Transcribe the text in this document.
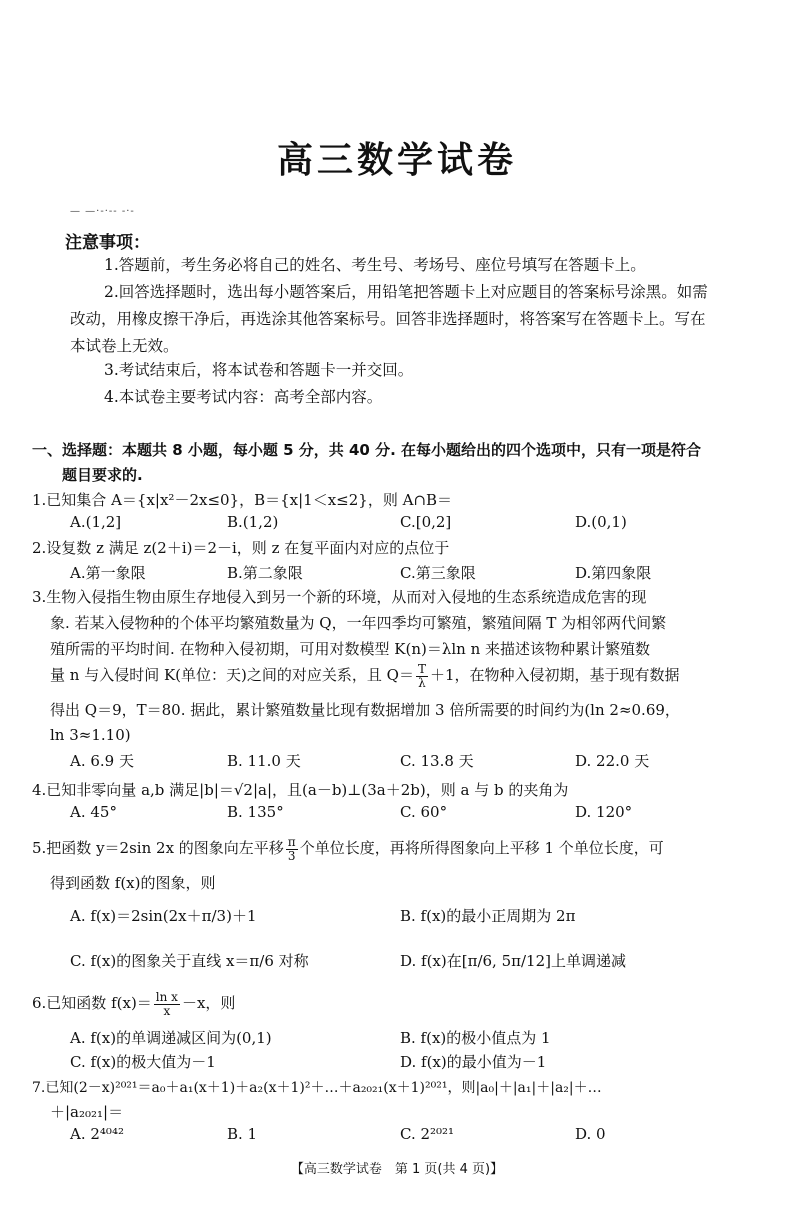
高三数学试卷
— —·-·-- -·-
注意事项：
1.答题前，考生务必将自己的姓名、考生号、考场号、座位号填写在答题卡上。
2.回答选择题时，选出每小题答案后，用铅笔把答题卡上对应题目的答案标号涂黑。如需改动，用橡皮擦干净后，再选涂其他答案标号。回答非选择题时，将答案写在答题卡上。写在本试卷上无效。
3.考试结束后，将本试卷和答题卡一并交回。
4.本试卷主要考试内容：高考全部内容。
一、选择题：本题共 8 小题，每小题 5 分，共 40 分. 在每小题给出的四个选项中，只有一项是符合
题目要求的.
1.已知集合 A＝{x|x²－2x≤0}，B＝{x|1＜x≤2}，则 A∩B＝
A.(1,2]	B.(1,2)	C.[0,2]	D.(0,1)
2.设复数 z 满足 z(2＋i)＝2－i，则 z 在复平面内对应的点位于
A.第一象限	B.第二象限	C.第三象限	D.第四象限
3.生物入侵指生物由原生存地侵入到另一个新的环境，从而对入侵地的生态系统造成危害的现
象. 若某入侵物种的个体平均繁殖数量为 Q，一年四季均可繁殖，繁殖间隔 T 为相邻两代间繁
殖所需的平均时间. 在物种入侵初期，可用对数模型 K(n)＝λln n 来描述该物种累计繁殖数
量 n 与入侵时间 K(单位：天)之间的对应关系，且 $Q= \frac{T}{\lambda} +1$，在物种入侵初期，基于现有数据
得出 Q＝9，T＝80. 据此，累计繁殖数量比现有数据增加 3 倍所需要的时间约为(ln 2≈0.69，
ln 3≈1.10)
A. 6.9 天	B. 11.0 天	C. 13.8 天	D. 22.0 天
4.已知非零向量 a,b 满足|b|＝√2|a|，且(a－b)⊥(3a＋2b)，则 a 与 b 的夹角为
A. 45°	B. 135°	C. 60°	D. 120°
5.把函数 y＝2sin 2x 的图象向左平移 $\frac{\pi}{3}$ 个单位长度，再将所得图象向上平移 1 个单位长度，可
得到函数 f(x)的图象，则
A. f(x)＝2sin(2x＋π/3)＋1	B. f(x)的最小正周期为 2π
C. f(x)的图象关于直线 x＝π/6 对称	D. f(x)在[π/6, 5π/12]上单调递减
6.已知函数 $f(x)= \frac{\text{ln x}}{x} -x$，则
A. f(x)的单调递减区间为(0,1)	B. f(x)的极小值点为 1
C. f(x)的极大值为－1	D. f(x)的最小值为－1
7.已知(2－x)²⁰²¹＝a₀＋a₁(x＋1)＋a₂(x＋1)²＋…＋a₂₀₂₁(x＋1)²⁰²¹，则|a₀|＋|a₁|＋|a₂|＋…
＋|a₂₀₂₁|＝
A. 2⁴⁰⁴²	B. 1	C. 2²⁰²¹	D. 0
【高三数学试卷　第 1 页(共 4 页)】
